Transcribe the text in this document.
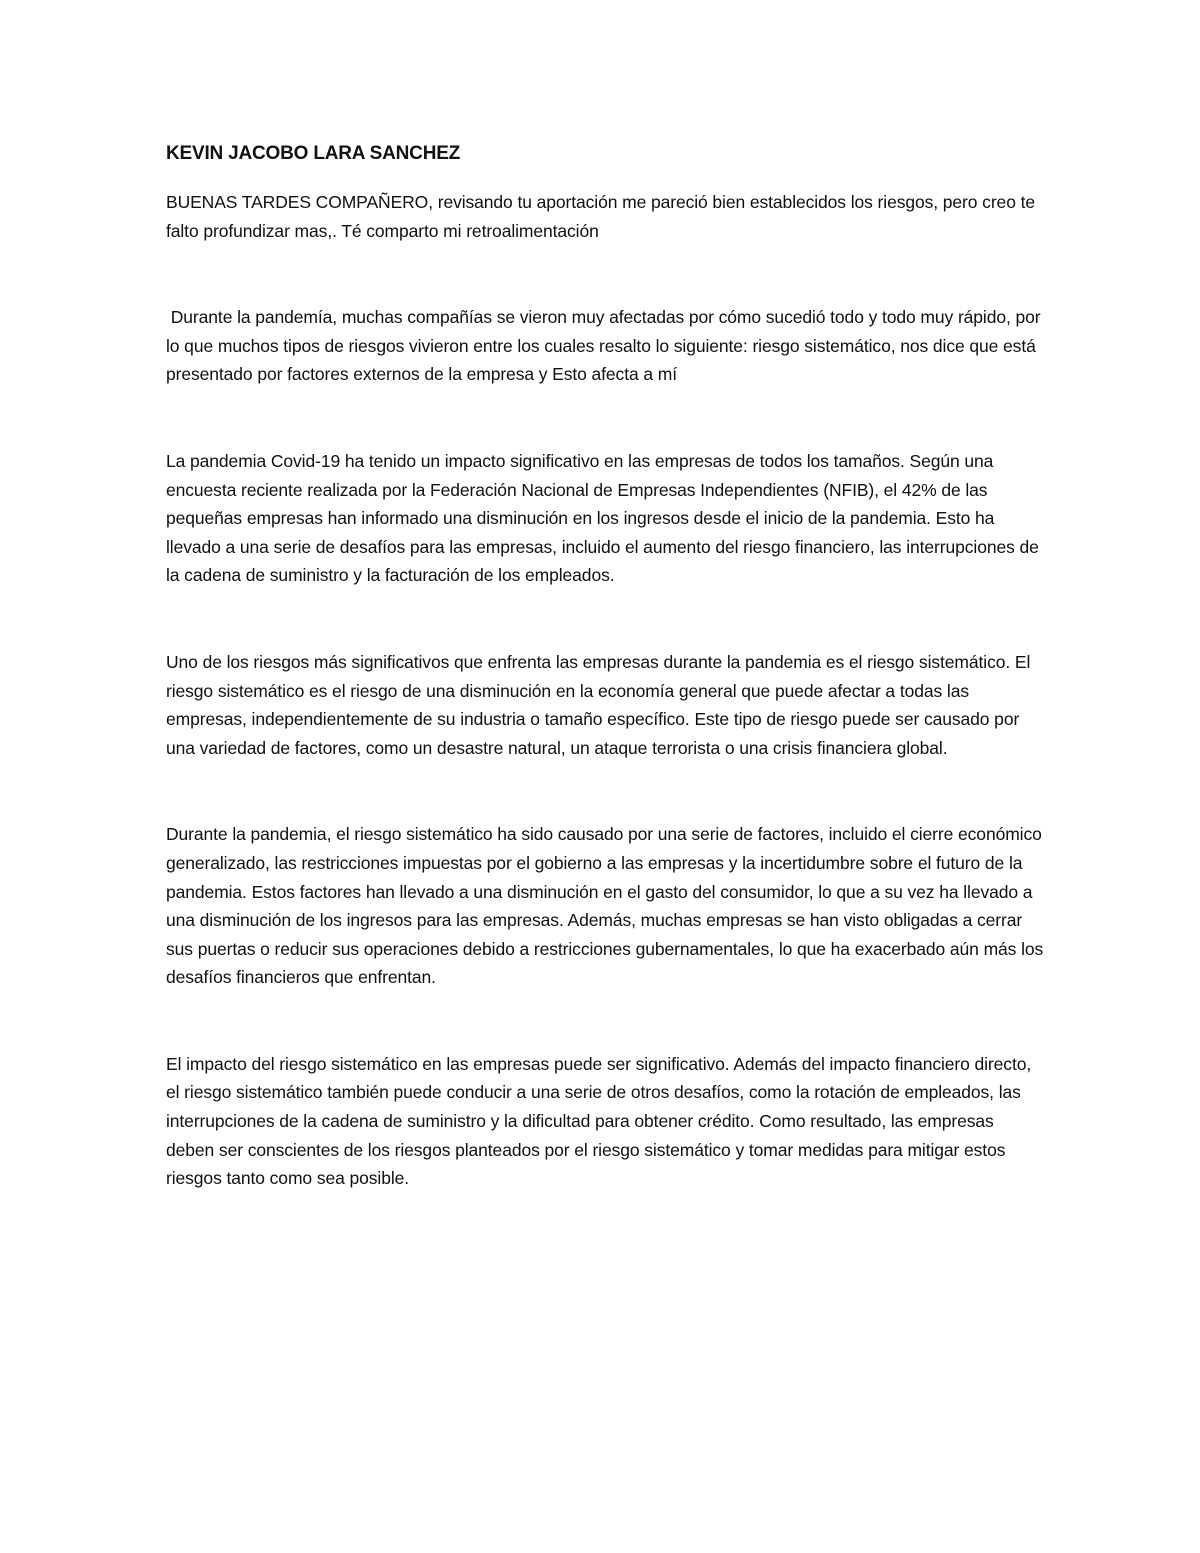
KEVIN JACOBO LARA SANCHEZ

BUENAS TARDES COMPAÑERO, revisando tu aportación me pareció bien establecidos los riesgos, pero creo te falto profundizar mas,. Té comparto mi retroalimentación

Durante la pandemía, muchas compañías se vieron muy afectadas por cómo sucedió todo y todo muy rápido, por lo que muchos tipos de riesgos vivieron entre los cuales resalto lo siguiente: riesgo sistemático, nos dice que está presentado por factores externos de la empresa y Esto afecta a mí

La pandemia Covid-19 ha tenido un impacto significativo en las empresas de todos los tamaños. Según una encuesta reciente realizada por la Federación Nacional de Empresas Independientes (NFIB), el 42% de las pequeñas empresas han informado una disminución en los ingresos desde el inicio de la pandemia. Esto ha llevado a una serie de desafíos para las empresas, incluido el aumento del riesgo financiero, las interrupciones de la cadena de suministro y la facturación de los empleados.

Uno de los riesgos más significativos que enfrenta las empresas durante la pandemia es el riesgo sistemático. El riesgo sistemático es el riesgo de una disminución en la economía general que puede afectar a todas las empresas, independientemente de su industria o tamaño específico. Este tipo de riesgo puede ser causado por una variedad de factores, como un desastre natural, un ataque terrorista o una crisis financiera global.

Durante la pandemia, el riesgo sistemático ha sido causado por una serie de factores, incluido el cierre económico generalizado, las restricciones impuestas por el gobierno a las empresas y la incertidumbre sobre el futuro de la pandemia. Estos factores han llevado a una disminución en el gasto del consumidor, lo que a su vez ha llevado a una disminución de los ingresos para las empresas. Además, muchas empresas se han visto obligadas a cerrar sus puertas o reducir sus operaciones debido a restricciones gubernamentales, lo que ha exacerbado aún más los desafíos financieros que enfrentan.

El impacto del riesgo sistemático en las empresas puede ser significativo. Además del impacto financiero directo, el riesgo sistemático también puede conducir a una serie de otros desafíos, como la rotación de empleados, las interrupciones de la cadena de suministro y la dificultad para obtener crédito. Como resultado, las empresas deben ser conscientes de los riesgos planteados por el riesgo sistemático y tomar medidas para mitigar estos riesgos tanto como sea posible.
